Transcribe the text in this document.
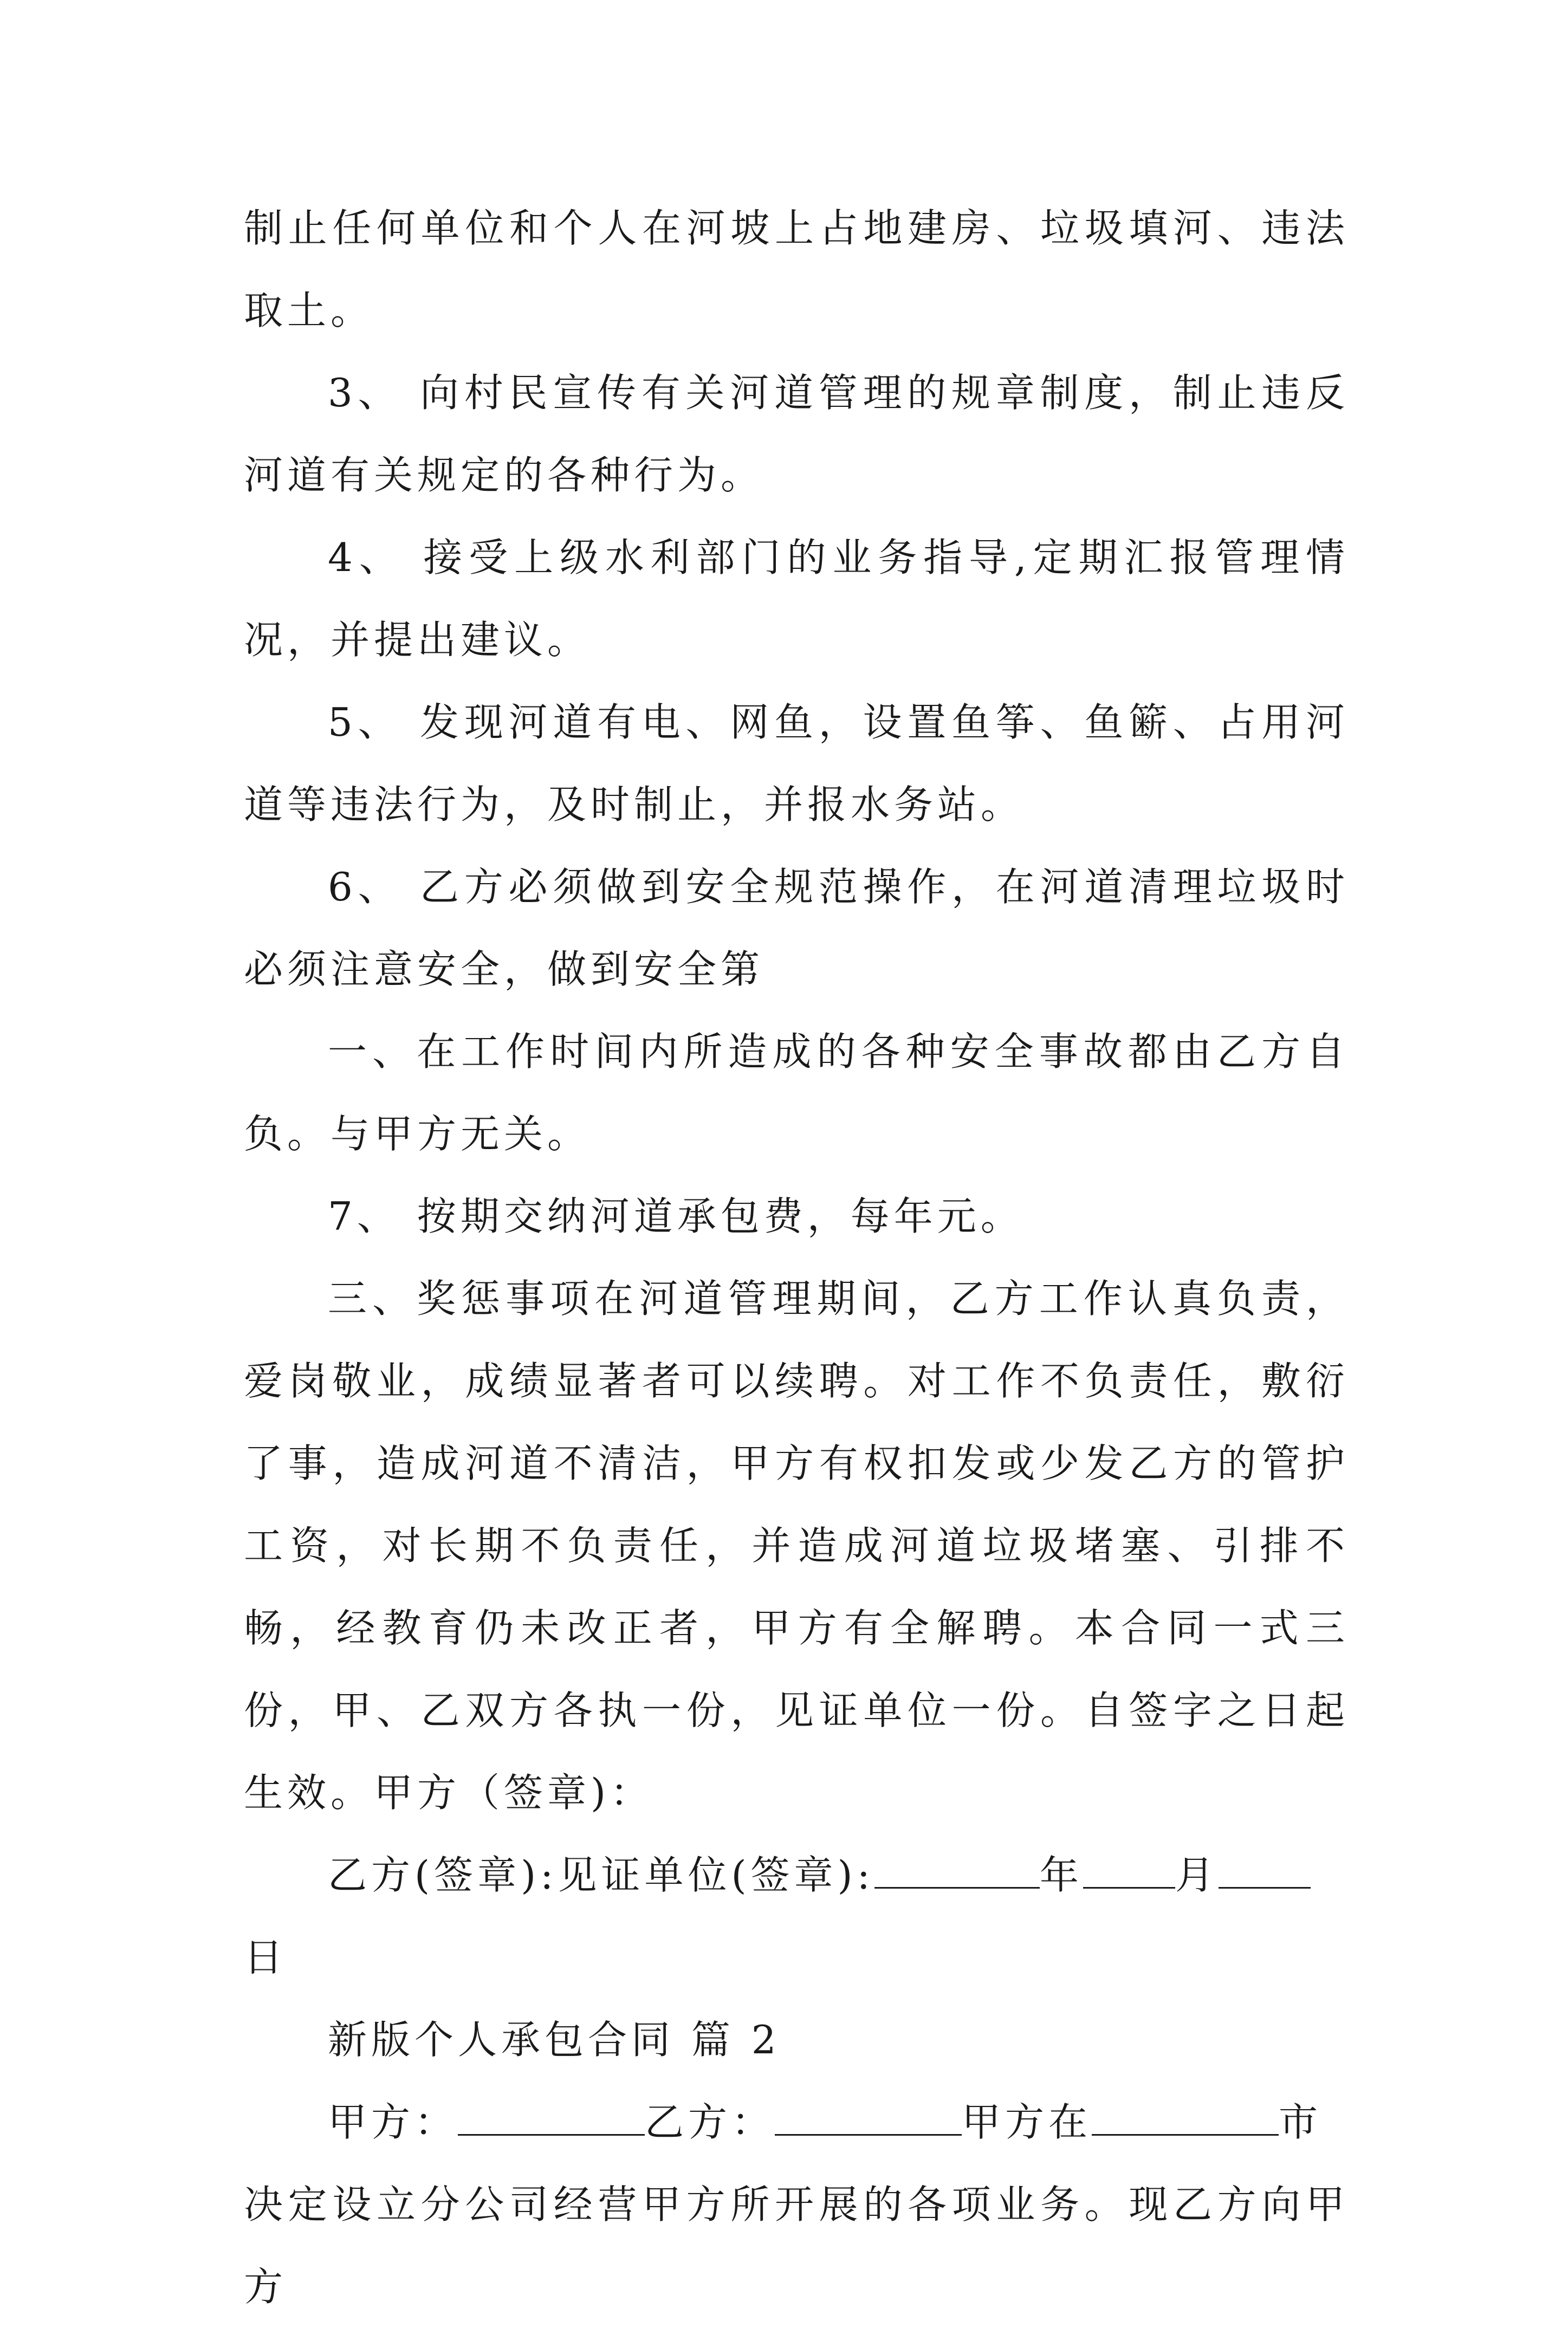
制止任何单位和个人在河坡上占地建房、垃圾填河、违法取土。

3、 向村民宣传有关河道管理的规章制度，制止违反河道有关规定的各种行为。

4、 接受上级水利部门的业务指导,定期汇报管理情况，并提出建议。

5、 发现河道有电、网鱼，设置鱼筝、鱼簖、占用河道等违法行为，及时制止，并报水务站。

6、 乙方必须做到安全规范操作，在河道清理垃圾时必须注意安全，做到安全第

一、在工作时间内所造成的各种安全事故都由乙方自负。与甲方无关。

7、 按期交纳河道承包费，每年元。

三、奖惩事项在河道管理期间，乙方工作认真负责，爱岗敬业，成绩显著者可以续聘。对工作不负责任，敷衍了事，造成河道不清洁，甲方有权扣发或少发乙方的管护工资，对长期不负责任，并造成河道垃圾堵塞、引排不畅，经教育仍未改正者，甲方有全解聘。本合同一式三份，甲、乙双方各执一份，见证单位一份。自签字之日起生效。甲方（签章)：

乙方(签章):见证单位(签章):	年 月
日

新版个人承包合同 篇 2

甲方：	乙方：	甲方在	市

决定设立分公司经营甲方所开展的各项业务。现乙方向甲方
